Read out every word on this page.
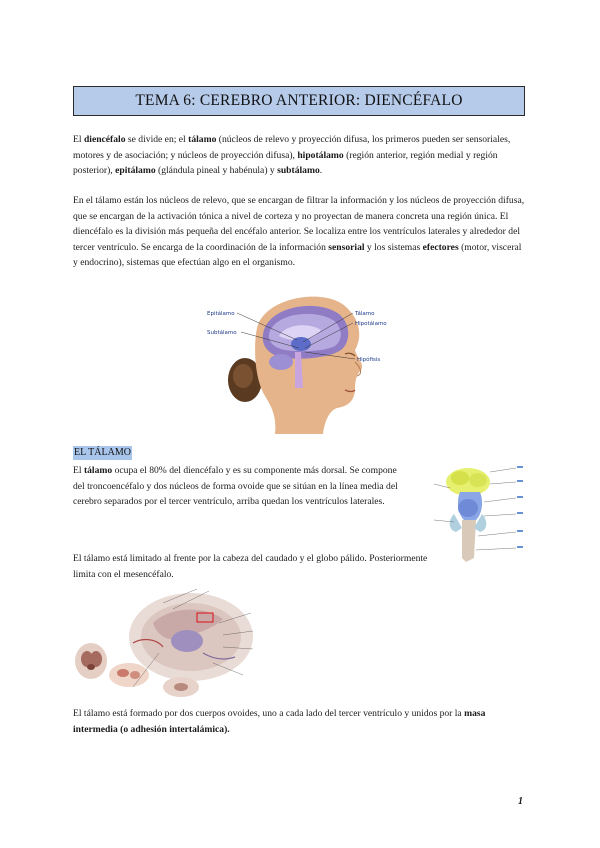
TEMA 6: CEREBRO ANTERIOR: DIENCÉFALO

El diencéfalo se divide en; el tálamo (núcleos de relevo y proyección difusa, los primeros pueden ser sensoriales, motores y de asociación; y núcleos de proyección difusa), hipotálamo (región anterior, región medial y región posterior), epitálamo (glándula pineal y habénula) y subtálamo.

En el tálamo están los núcleos de relevo, que se encargan de filtrar la información y los núcleos de proyección difusa, que se encargan de la activación tónica a nivel de corteza y no proyectan de manera concreta una región única. El diencéfalo es la división más pequeña del encéfalo anterior. Se localiza entre los ventrículos laterales y alrededor del tercer ventrículo. Se encarga de la coordinación de la información sensorial y los sistemas efectores (motor, visceral y endocrino), sistemas que efectúan algo en el organismo.

Epitálamo
Subtálamo
Tálamo
Hipotálamo
Hipófisis
EL TÁLAMO

El tálamo ocupa el 80% del diencéfalo y es su componente más dorsal. Se compone del troncoencéfalo y dos núcleos de forma ovoide que se sitúan en la línea media del cerebro separados por el tercer ventrículo, arriba quedan los ventrículos laterales.

El tálamo está limitado al frente por la cabeza del caudado y el globo pálido. Posteriormente limita con el mesencéfalo.

El tálamo está formado por dos cuerpos ovoides, uno a cada lado del tercer ventrículo y unidos por la masa intermedia (o adhesión intertalámica).

1
